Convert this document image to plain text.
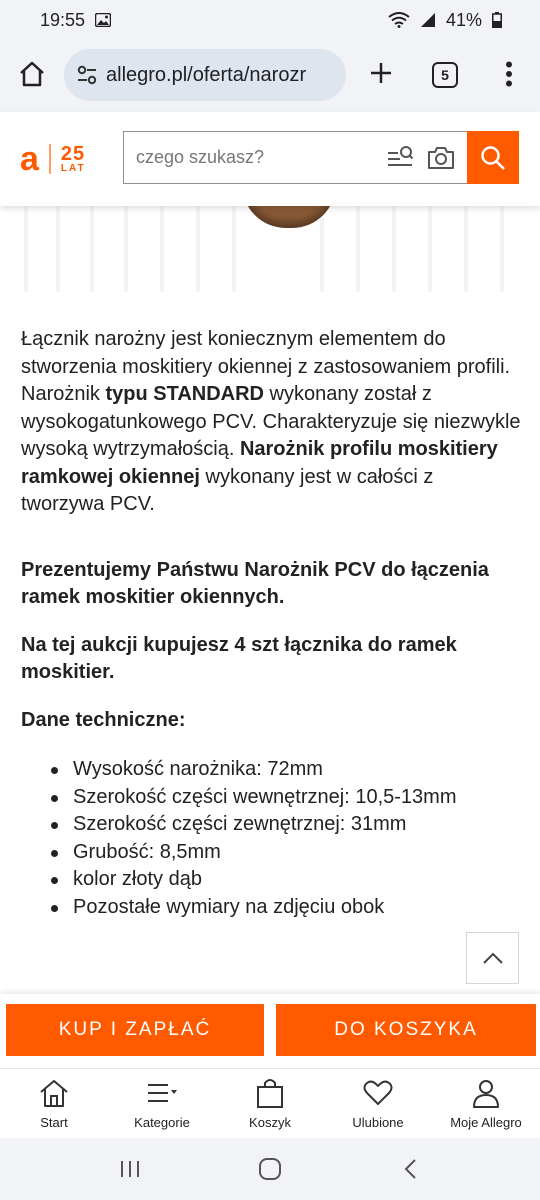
19:55	41%
allegro.pl/oferta/narozr	5
a 25
LAT
czego szukasz?

Łącznik narożny jest koniecznym elementem do stworzenia moskitiery okiennej z zastosowaniem profili. Narożnik typu STANDARD wykonany został z wysokogatunkowego PCV. Charakteryzuje się niezwykle wysoką wytrzymałością. Narożnik profilu moskitiery ramkowej okiennej wykonany jest w całości z tworzywa PCV.

Prezentujemy Państwu Narożnik PCV do łączenia ramek moskitier okiennych.

Na tej aukcji kupujesz 4 szt łącznika do ramek moskitier.

Dane techniczne:

Wysokość narożnika: 72mm
Szerokość części wewnętrznej: 10,5-13mm
Szerokość części zewnętrznej: 31mm
Grubość: 8,5mm
kolor złoty dąb
Pozostałe wymiary na zdjęciu obok
KUP I ZAPŁAĆ	DO KOSZYKA
Start	Kategorie	Koszyk	Ulubione	Moje Allegro
